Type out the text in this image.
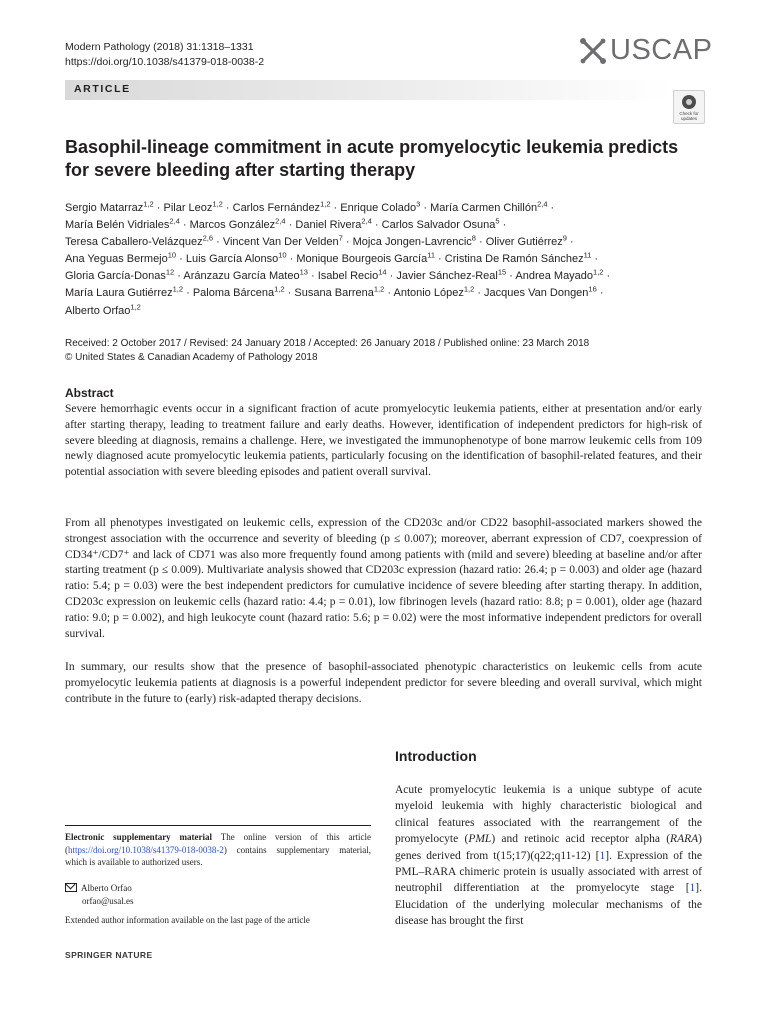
Modern Pathology (2018) 31:1318–1331
https://doi.org/10.1038/s41379-018-0038-2	USCAP
ARTICLE
Check for updates
Basophil-lineage commitment in acute promyelocytic leukemia predicts for severe bleeding after starting therapy
Sergio Matarraz$^{1,2}$ · Pilar Leoz$^{1,2}$ · Carlos Fernández$^{1,2}$ · Enrique Colado$^3$ · María Carmen Chillón$^{2,4}$ ·
María Belén Vidriales$^{2,4}$ · Marcos González$^{2,4}$ · Daniel Rivera$^{2,4}$ · Carlos Salvador Osuna$^5$ ·
Teresa Caballero-Velázquez$^{2,6}$ · Vincent Van Der Velden$^7$ · Mojca Jongen-Lavrencic$^8$ · Oliver Gutiérrez$^9$ ·
Ana Yeguas Bermejo$^{10}$ · Luis García Alonso$^{10}$ · Monique Bourgeois García$^{11}$ · Cristina De Ramón Sánchez$^{11}$ ·
Gloria García-Donas$^{12}$ · Aránzazu García Mateo$^{13}$ · Isabel Recio$^{14}$ · Javier Sánchez-Real$^{15}$ · Andrea Mayado$^{1,2}$ ·
María Laura Gutiérrez$^{1,2}$ · Paloma Bárcena$^{1,2}$ · Susana Barrena$^{1,2}$ · Antonio López$^{1,2}$ · Jacques Van Dongen$^{16}$ ·
Alberto Orfao$^{1,2}$
Received: 2 October 2017 / Revised: 24 January 2018 / Accepted: 26 January 2018 / Published online: 23 March 2018
© United States & Canadian Academy of Pathology 2018
Abstract
Severe hemorrhagic events occur in a significant fraction of acute promyelocytic leukemia patients, either at presentation and/or early after starting therapy, leading to treatment failure and early deaths. However, identification of independent predictors for high-risk of severe bleeding at diagnosis, remains a challenge. Here, we investigated the immunophenotype of bone marrow leukemic cells from 109 newly diagnosed acute promyelocytic leukemia patients, particularly focusing on the identification of basophil-related features, and their potential association with severe bleeding episodes and patient overall survival.
From all phenotypes investigated on leukemic cells, expression of the CD203c and/or CD22 basophil-associated markers showed the strongest association with the occurrence and severity of bleeding (p ≤ 0.007); moreover, aberrant expression of CD7, coexpression of CD34⁺/CD7⁺ and lack of CD71 was also more frequently found among patients with (mild and severe) bleeding at baseline and/or after starting treatment (p ≤ 0.009). Multivariate analysis showed that CD203c expression (hazard ratio: 26.4; p = 0.003) and older age (hazard ratio: 5.4; p = 0.03) were the best independent predictors for cumulative incidence of severe bleeding after starting therapy. In addition, CD203c expression on leukemic cells (hazard ratio: 4.4; p = 0.01), low fibrinogen levels (hazard ratio: 8.8; p = 0.001), older age (hazard ratio: 9.0; p = 0.002), and high leukocyte count (hazard ratio: 5.6; p = 0.02) were the most informative independent predictors for overall survival.
In summary, our results show that the presence of basophil-associated phenotypic characteristics on leukemic cells from acute promyelocytic leukemia patients at diagnosis is a powerful independent predictor for severe bleeding and overall survival, which might contribute in the future to (early) risk-adapted therapy decisions.
Introduction
Acute promyelocytic leukemia is a unique subtype of acute myeloid leukemia with highly characteristic biological and clinical features associated with the rearrangement of the promyelocyte (PML) and retinoic acid receptor alpha (RARA) genes derived from t(15;17)(q22;q11-12) [1]. Expression of the PML–RARA chimeric protein is usually associated with arrest of neutrophil differentiation at the promyelocyte stage [1]. Elucidation of the underlying molecular mechanisms of the disease has brought the first
Electronic supplementary material The online version of this article (https://doi.org/10.1038/s41379-018-0038-2) contains supplementary material, which is available to authorized users.
Alberto Orfao
orfao@usal.es
Extended author information available on the last page of the article
SPRINGER NATURE
